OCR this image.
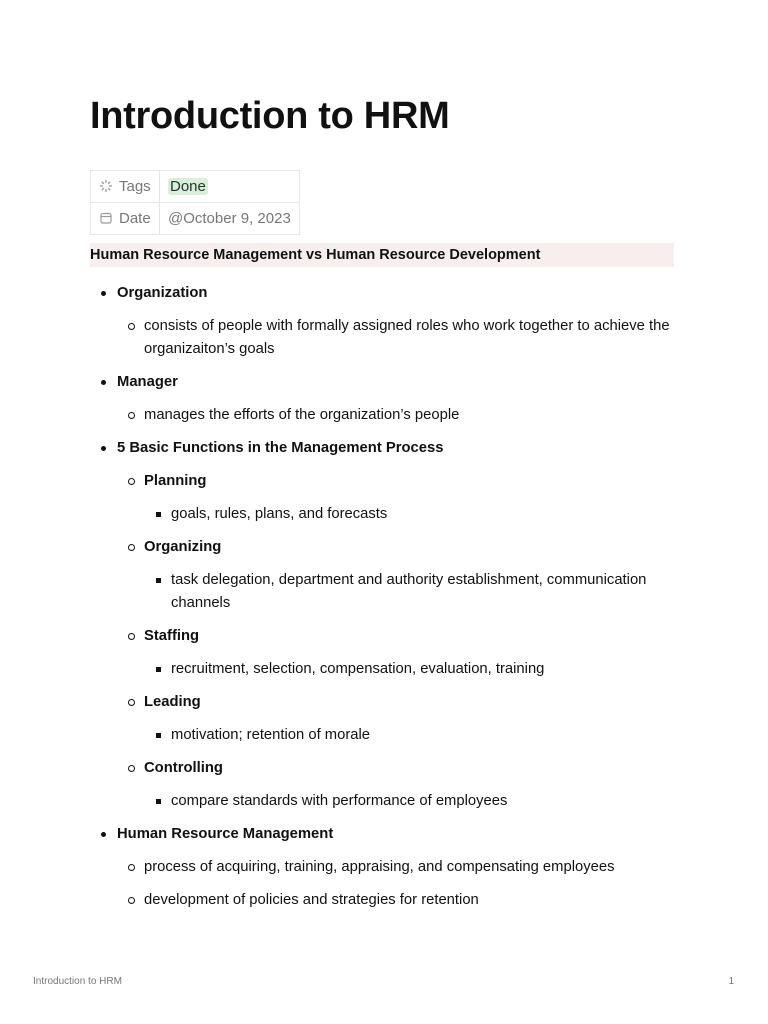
Introduction to HRM
Tags	Done
Date	@October 9, 2023
Human Resource Management vs Human Resource Development
Organization
consists of people with formally assigned roles who work together to achieve the organizaiton’s goals
Manager
manages the efforts of the organization’s people
5 Basic Functions in the Management Process
Planning
goals, rules, plans, and forecasts
Organizing
task delegation, department and authority establishment, communication channels
Staffing
recruitment, selection, compensation, evaluation, training
Leading
motivation; retention of morale
Controlling
compare standards with performance of employees
Human Resource Management
process of acquiring, training, appraising, and compensating employees
development of policies and strategies for retention
Introduction to HRM	1
